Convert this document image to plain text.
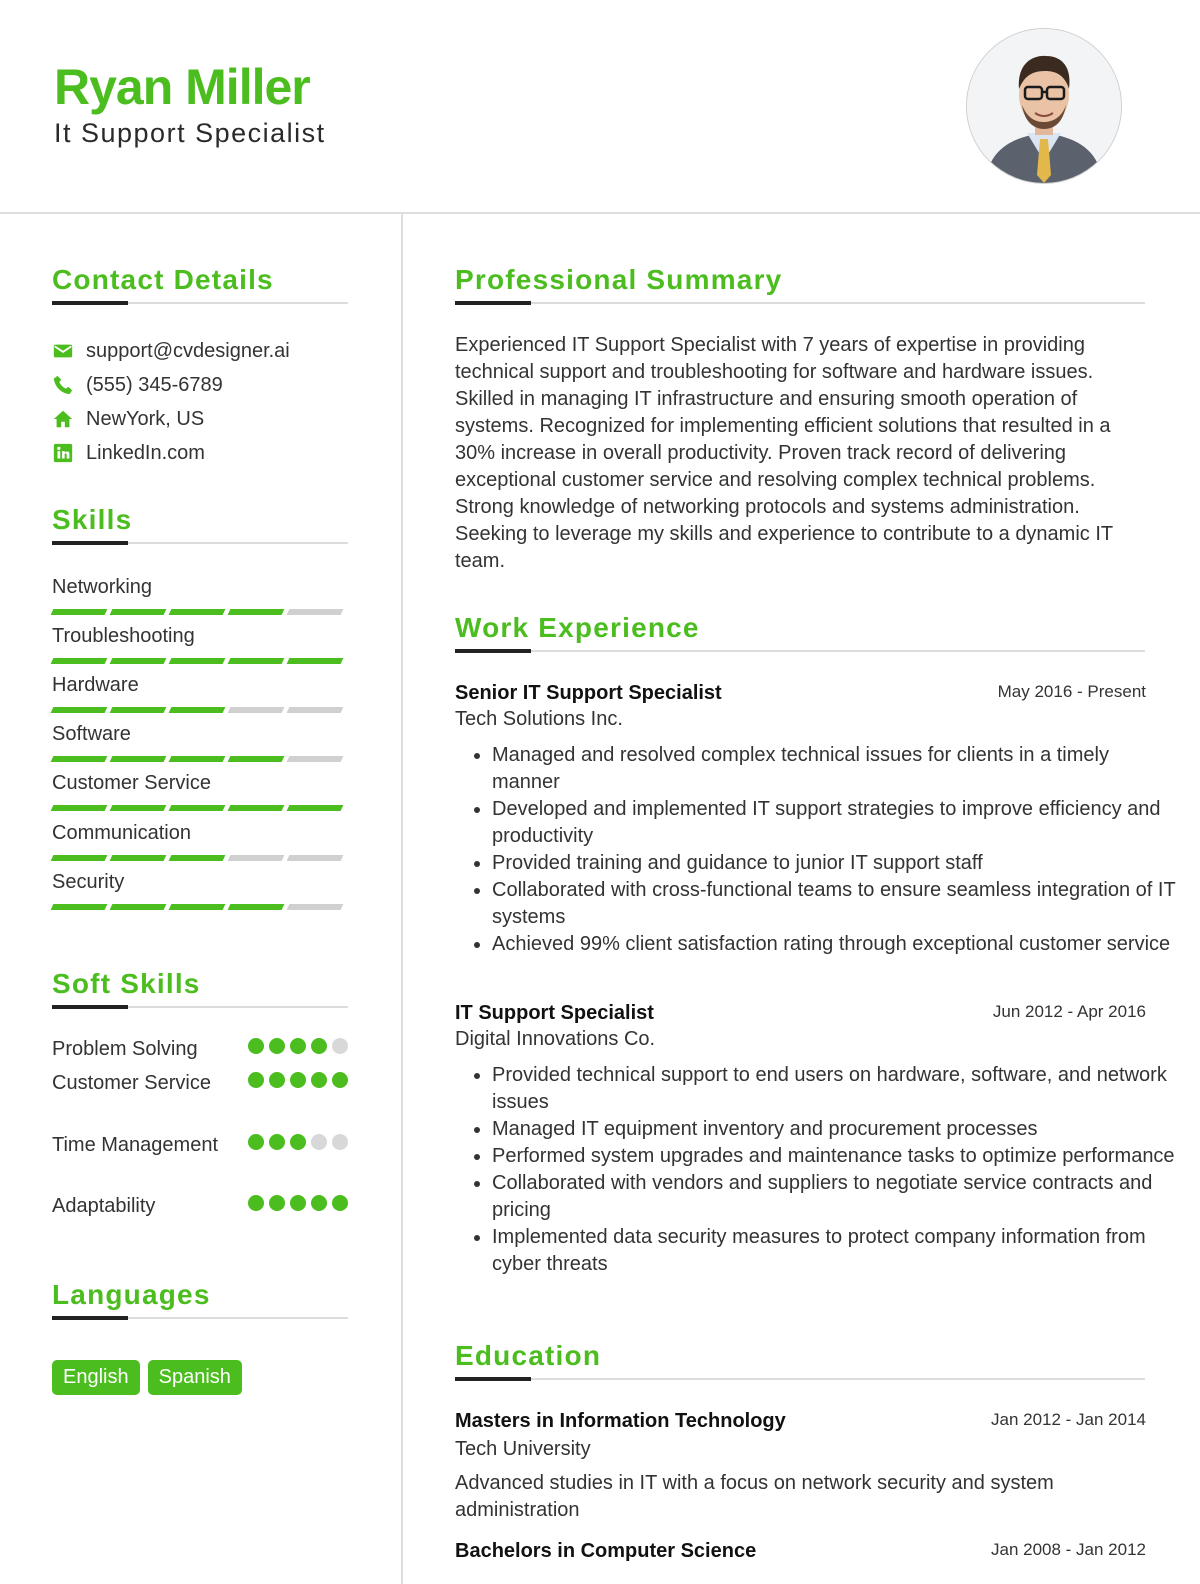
Ryan Miller
It Support Specialist
Contact Details
support@cvdesigner.ai
(555) 345-6789
NewYork, US
LinkedIn.com
Skills
Networking
Troubleshooting
Hardware
Software
Customer Service
Communication
Security
Soft Skills
Problem Solving
Customer Service
Time Management
Adaptability
Languages
English	Spanish
Professional Summary

Experienced IT Support Specialist with 7 years of expertise in providing technical support and troubleshooting for software and hardware issues. Skilled in managing IT infrastructure and ensuring smooth operation of systems. Recognized for implementing efficient solutions that resulted in a 30% increase in overall productivity. Proven track record of delivering exceptional customer service and resolving complex technical problems. Strong knowledge of networking protocols and systems administration. Seeking to leverage my skills and experience to contribute to a dynamic IT team.

Work Experience
Senior IT Support Specialist	May 2016 - Present
Tech Solutions Inc.
• Managed and resolved complex technical issues for clients in a timely manner
• Developed and implemented IT support strategies to improve efficiency and productivity
• Provided training and guidance to junior IT support staff
• Collaborated with cross-functional teams to ensure seamless integration of IT systems
• Achieved 99% client satisfaction rating through exceptional customer service
IT Support Specialist	Jun 2012 - Apr 2016
Digital Innovations Co.
• Provided technical support to end users on hardware, software, and network issues
• Managed IT equipment inventory and procurement processes
• Performed system upgrades and maintenance tasks to optimize performance
• Collaborated with vendors and suppliers to negotiate service contracts and pricing
• Implemented data security measures to protect company information from cyber threats
Education
Masters in Information Technology	Jan 2012 - Jan 2014
Tech University
Advanced studies in IT with a focus on network security and system administration
Bachelors in Computer Science	Jan 2008 - Jan 2012
